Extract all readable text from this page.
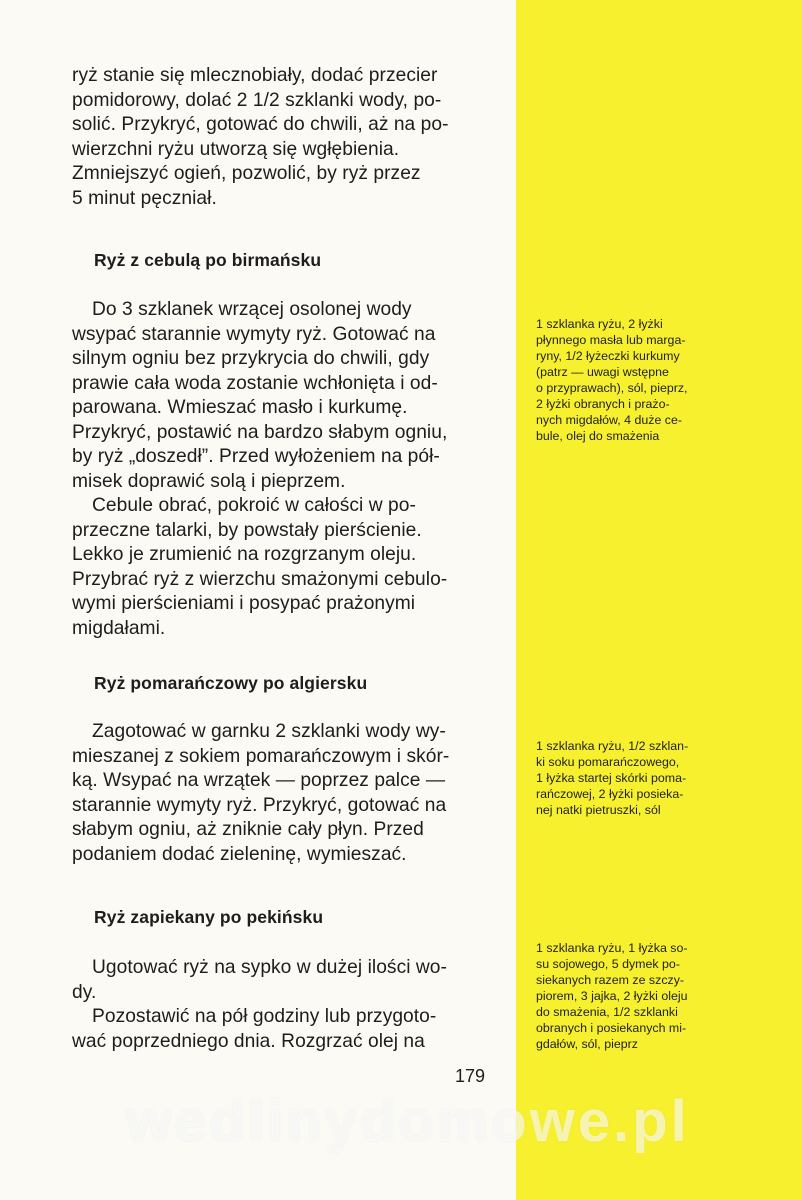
ryż stanie się mlecznobiały, dodać przecier
pomidorowy, dolać 2 1/2 szklanki wody, po-
solić. Przykryć, gotować do chwili, aż na po-
wierzchni ryżu utworzą się wgłębienia.
Zmniejszyć ogień, pozwolić, by ryż przez
5 minut pęczniał.
Ryż z cebulą po birmańsku
Do 3 szklanek wrzącej osolonej wody
wsypać starannie wymyty ryż. Gotować na
silnym ogniu bez przykrycia do chwili, gdy
prawie cała woda zostanie wchłonięta i od-
parowana. Wmieszać masło i kurkumę.
Przykryć, postawić na bardzo słabym ogniu,
by ryż „doszedł”. Przed wyłożeniem na pół-
misek doprawić solą i pieprzem.
Cebule obrać, pokroić w całości w po-
przeczne talarki, by powstały pierścienie.
Lekko je zrumienić na rozgrzanym oleju.
Przybrać ryż z wierzchu smażonymi cebulo-
wymi pierścieniami i posypać prażonymi
migdałami.
1 szklanka ryżu, 2 łyżki
płynnego masła lub marga-
ryny, 1/2 łyżeczki kurkumy
(patrz — uwagi wstępne
o przyprawach), sól, pieprz,
2 łyżki obranych i prażo-
nych migdałów, 4 duże ce-
bule, olej do smażenia
Ryż pomarańczowy po algiersku
Zagotować w garnku 2 szklanki wody wy-
mieszanej z sokiem pomarańczowym i skór-
ką. Wsypać na wrzątek — poprzez palce —
starannie wymyty ryż. Przykryć, gotować na
słabym ogniu, aż zniknie cały płyn. Przed
podaniem dodać zieleninę, wymieszać.
1 szklanka ryżu, 1/2 szklan-
ki soku pomarańczowego,
1 łyżka startej skórki poma-
rańczowej, 2 łyżki posieka-
nej natki pietruszki, sól
Ryż zapiekany po pekińsku
Ugotować ryż na sypko w dużej ilości wo-
dy.
Pozostawić na pół godziny lub przygoto-
wać poprzedniego dnia. Rozgrzać olej na
1 szklanka ryżu, 1 łyżka so-
su sojowego, 5 dymek po-
siekanych razem ze szczy-
piorem, 3 jajka, 2 łyżki oleju
do smażenia, 1/2 szklanki
obranych i posiekanych mi-
gdałów, sól, pieprz
179
wedlinydomowe.pl
